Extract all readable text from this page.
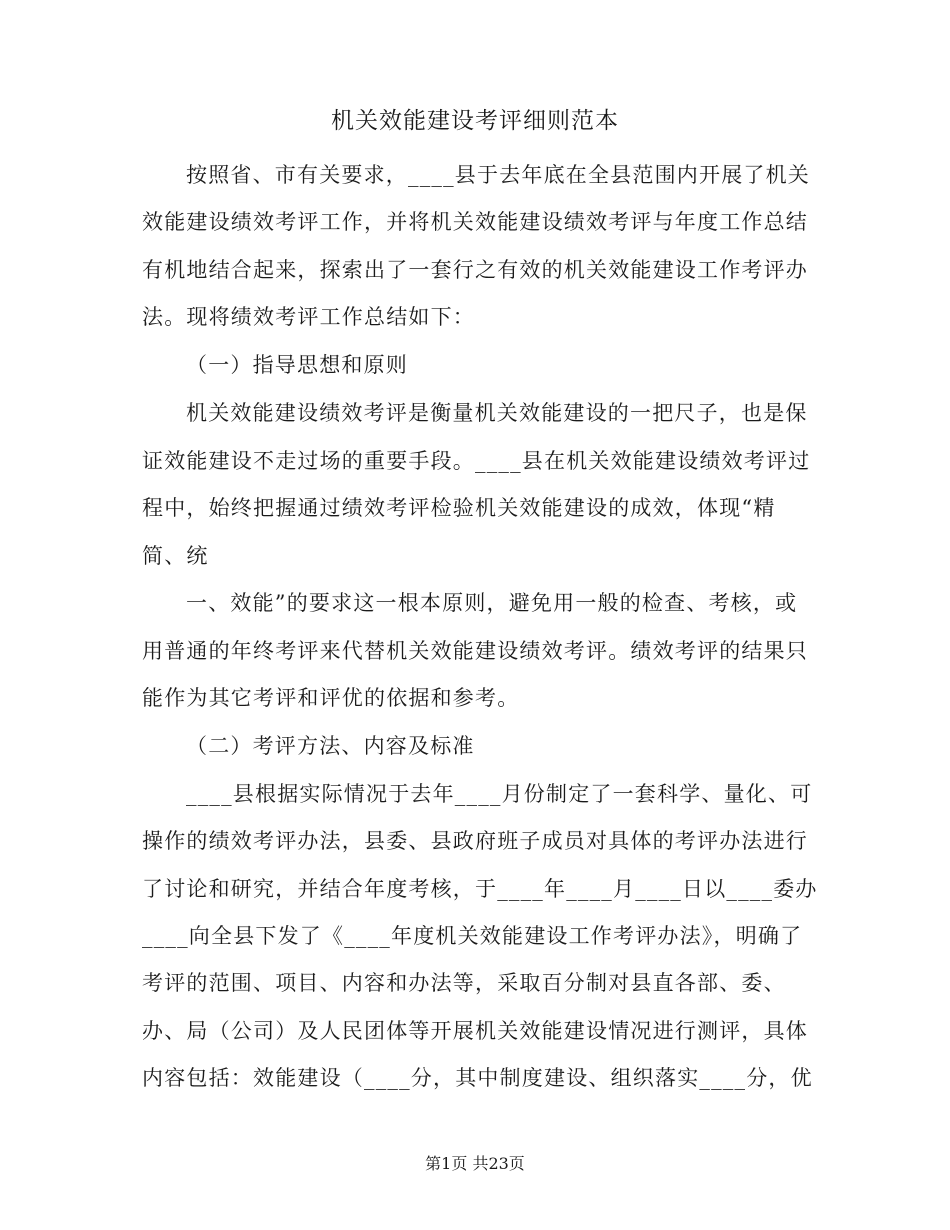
机关效能建设考评细则范本
按照省、市有关要求，____县于去年底在全县范围内开展了机关
效能建设绩效考评工作，并将机关效能建设绩效考评与年度工作总结
有机地结合起来，探索出了一套行之有效的机关效能建设工作考评办
法。现将绩效考评工作总结如下：
（一）指导思想和原则
机关效能建设绩效考评是衡量机关效能建设的一把尺子，也是保
证效能建设不走过场的重要手段。____县在机关效能建设绩效考评过
程中，始终把握通过绩效考评检验机关效能建设的成效，体现“精
简、统
一、效能”的要求这一根本原则，避免用一般的检查、考核，或
用普通的年终考评来代替机关效能建设绩效考评。绩效考评的结果只
能作为其它考评和评优的依据和参考。
（二）考评方法、内容及标准
____县根据实际情况于去年____月份制定了一套科学、量化、可
操作的绩效考评办法，县委、县政府班子成员对具体的考评办法进行
了讨论和研究，并结合年度考核，于____年____月____日以____委办
____向全县下发了《____年度机关效能建设工作考评办法》，明确了
考评的范围、项目、内容和办法等，采取百分制对县直各部、委、
办、局（公司）及人民团体等开展机关效能建设情况进行测评，具体
内容包括：效能建设（____分，其中制度建设、组织落实____分，优
第1页 共23页
